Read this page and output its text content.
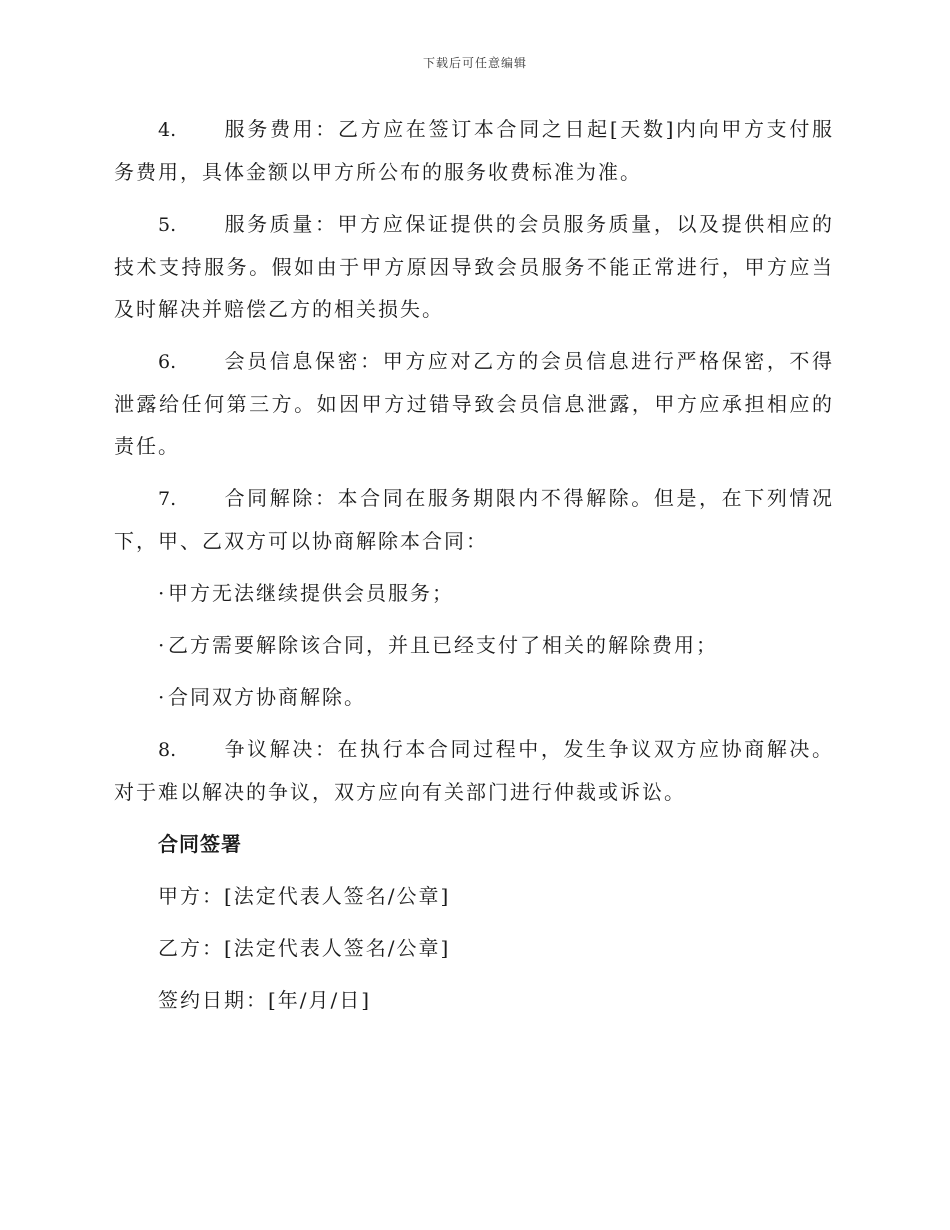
下载后可任意编辑

4. 服务费用：乙方应在签订本合同之日起[天数]内向甲方支付服务费用，具体金额以甲方所公布的服务收费标准为准。

5. 服务质量：甲方应保证提供的会员服务质量，以及提供相应的技术支持服务。假如由于甲方原因导致会员服务不能正常进行，甲方应当及时解决并赔偿乙方的相关损失。

6. 会员信息保密：甲方应对乙方的会员信息进行严格保密，不得泄露给任何第三方。如因甲方过错导致会员信息泄露，甲方应承担相应的责任。

7. 合同解除：本合同在服务期限内不得解除。但是，在下列情况下，甲、乙双方可以协商解除本合同：

·甲方无法继续提供会员服务；

·乙方需要解除该合同，并且已经支付了相关的解除费用；

·合同双方协商解除。

8. 争议解决：在执行本合同过程中，发生争议双方应协商解决。对于难以解决的争议，双方应向有关部门进行仲裁或诉讼。

合同签署

甲方：[法定代表人签名/公章]

乙方：[法定代表人签名/公章]

签约日期：[年/月/日]
